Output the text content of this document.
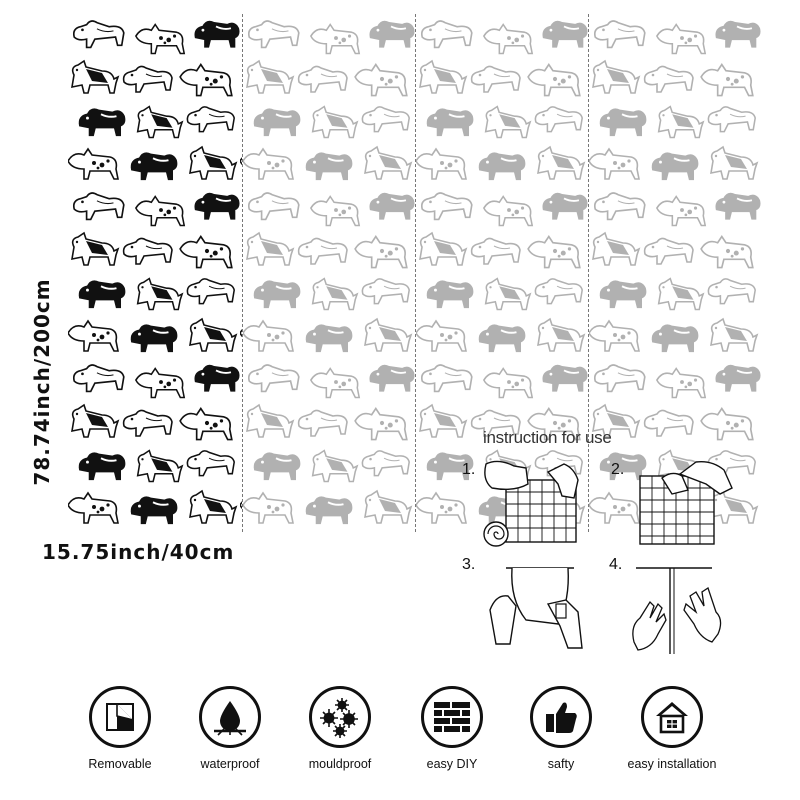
78.74inch/200cm
15.75inch/40cm
instruction for use
1.	2.
3.	4.
Removable	waterproof	mouldproof	easy DIY	safty	easy installation
